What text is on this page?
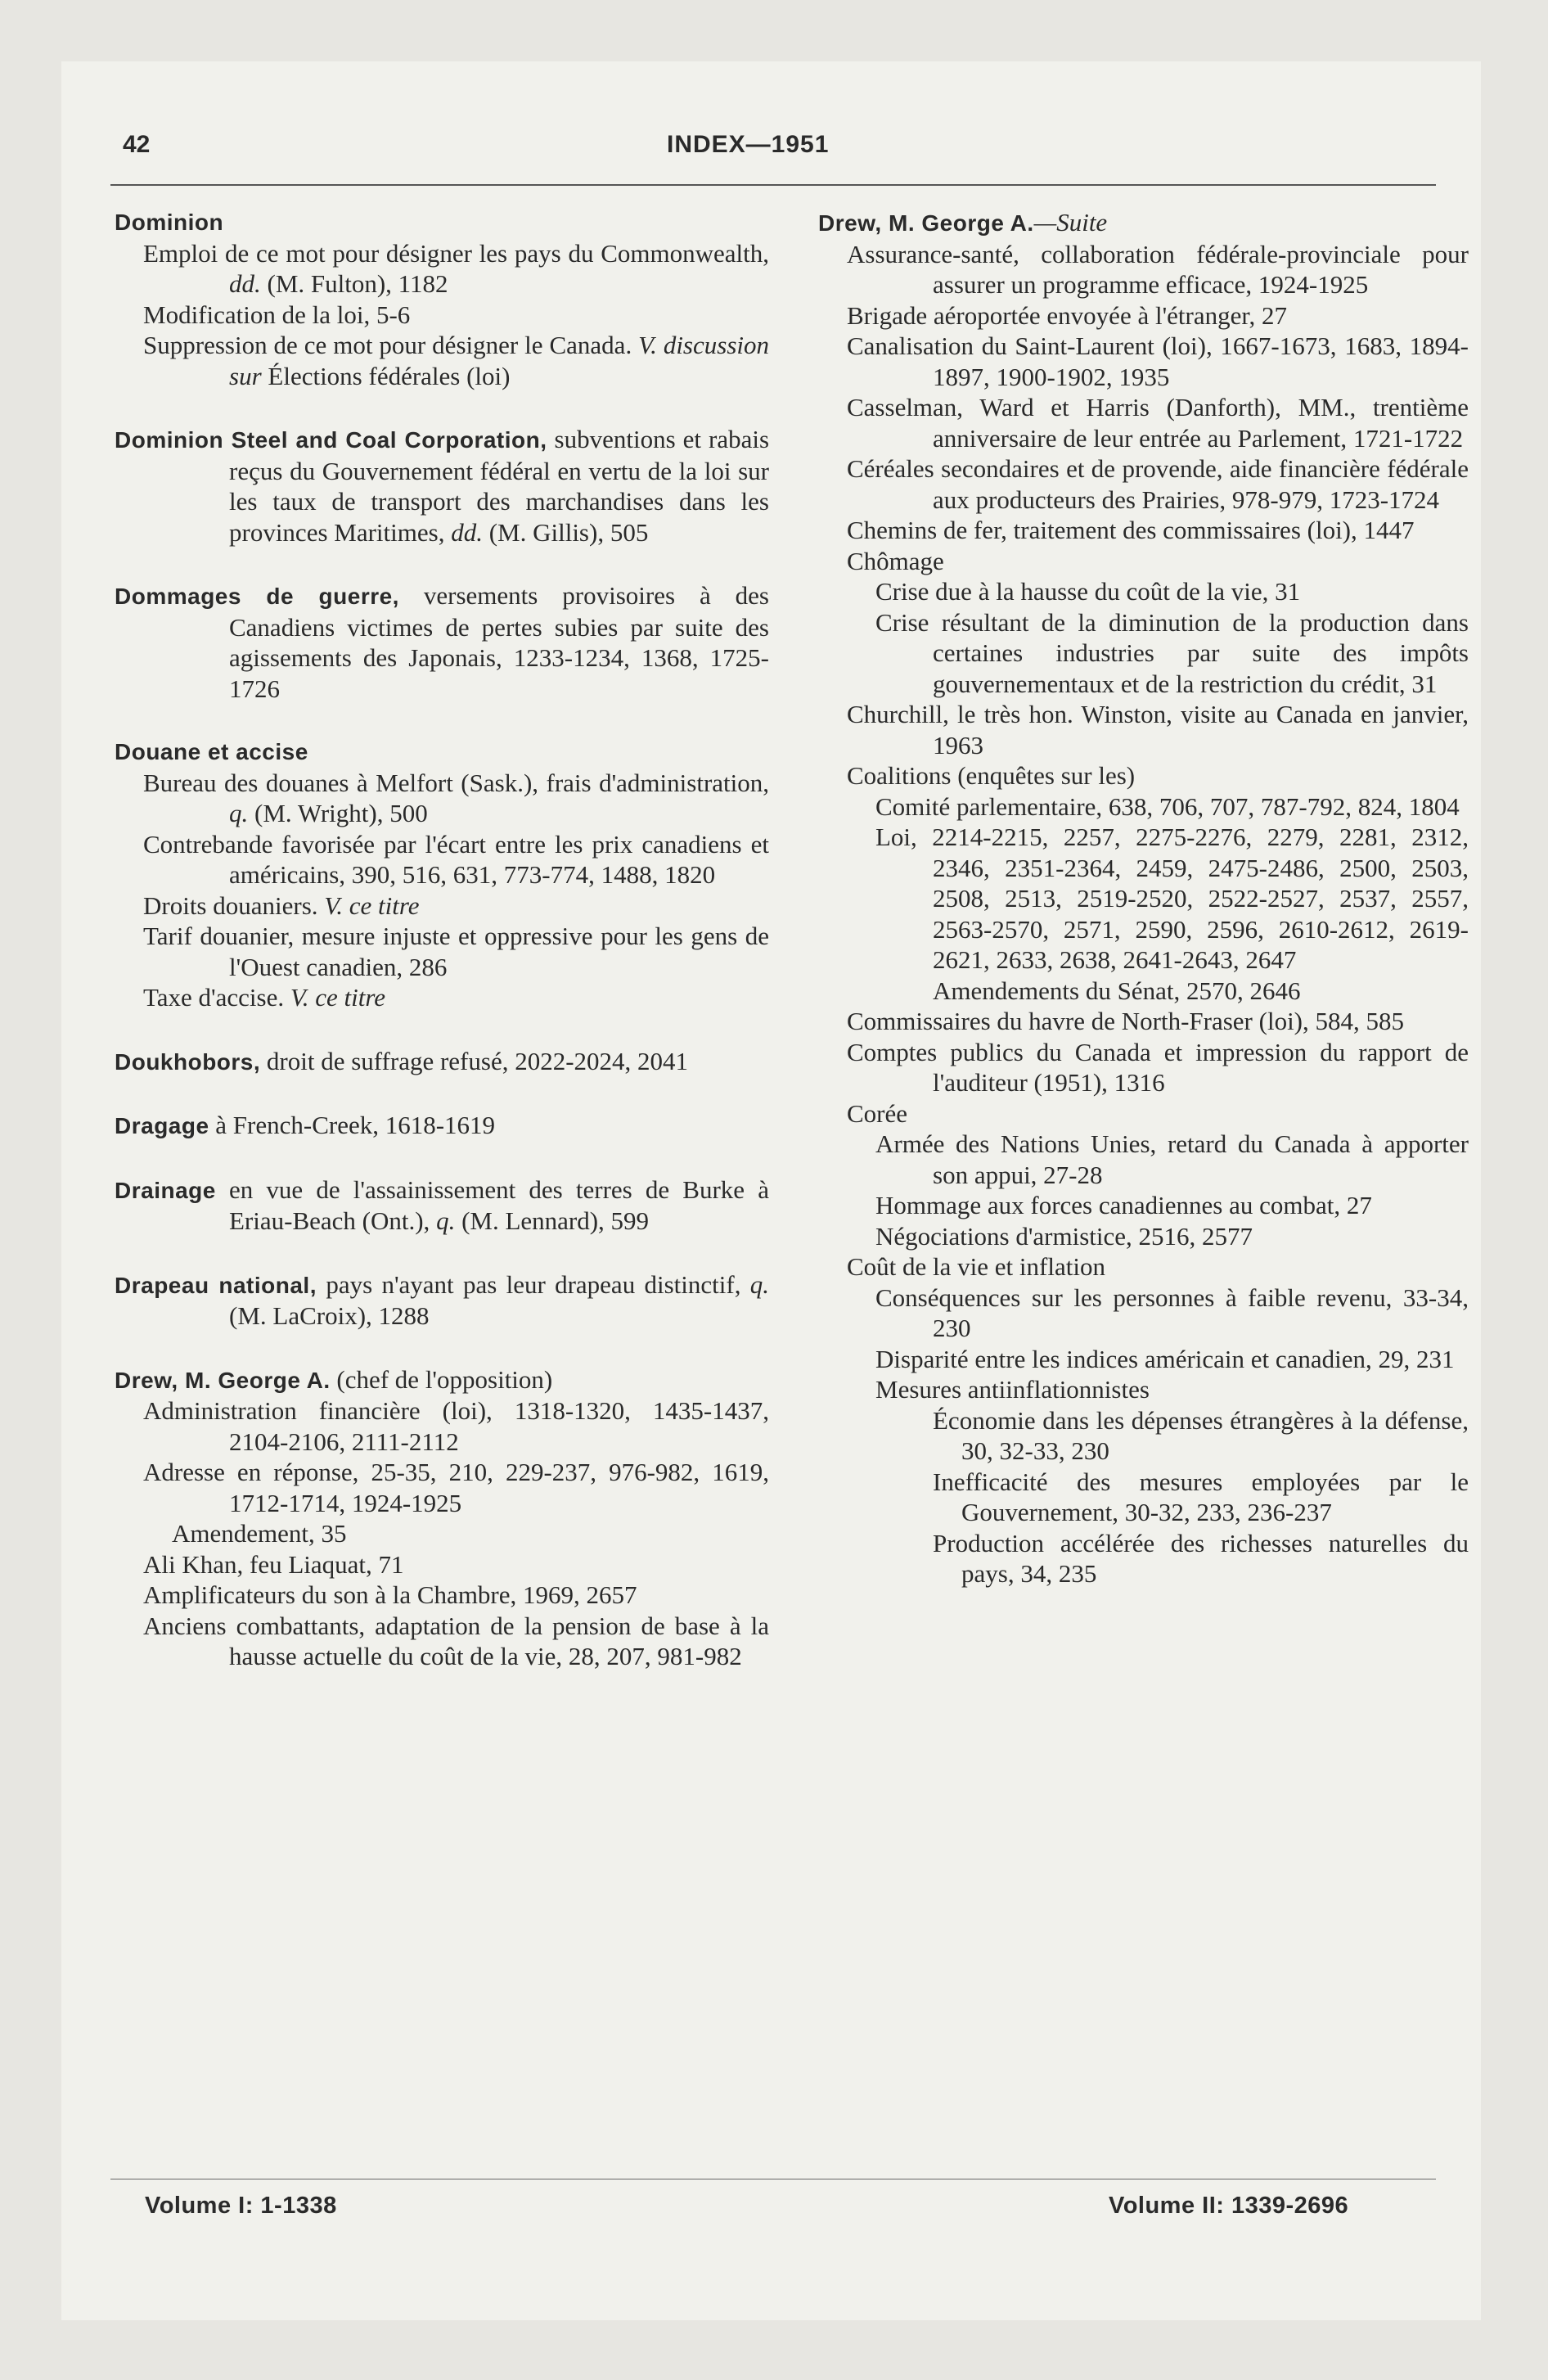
42	INDEX—1951
Dominion
Emploi de ce mot pour désigner les pays du Commonwealth, dd. (M. Fulton), 1182
Modification de la loi, 5-6
Suppression de ce mot pour désigner le Canada. V. discussion sur Élections fédérales (loi)
Dominion Steel and Coal Corporation, subventions et rabais reçus du Gouvernement fédéral en vertu de la loi sur les taux de transport des marchandises dans les provinces Maritimes, dd. (M. Gillis), 505
Dommages de guerre, versements provisoires à des Canadiens victimes de pertes subies par suite des agissements des Japonais, 1233-1234, 1368, 1725-1726
Douane et accise
Bureau des douanes à Melfort (Sask.), frais d'administration, q. (M. Wright), 500
Contrebande favorisée par l'écart entre les prix canadiens et américains, 390, 516, 631, 773-774, 1488, 1820
Droits douaniers. V. ce titre
Tarif douanier, mesure injuste et oppressive pour les gens de l'Ouest canadien, 286
Taxe d'accise. V. ce titre
Doukhobors, droit de suffrage refusé, 2022-2024, 2041
Dragage à French-Creek, 1618-1619
Drainage en vue de l'assainissement des terres de Burke à Eriau-Beach (Ont.), q. (M. Lennard), 599
Drapeau national, pays n'ayant pas leur drapeau distinctif, q. (M. LaCroix), 1288
Drew, M. George A. (chef de l'opposition)
Administration financière (loi), 1318-1320, 1435-1437, 2104-2106, 2111-2112
Adresse en réponse, 25-35, 210, 229-237, 976-982, 1619, 1712-1714, 1924-1925
Amendement, 35
Ali Khan, feu Liaquat, 71
Amplificateurs du son à la Chambre, 1969, 2657
Anciens combattants, adaptation de la pension de base à la hausse actuelle du coût de la vie, 28, 207, 981-982
Drew, M. George A.—Suite
Assurance-santé, collaboration fédérale-provinciale pour assurer un programme efficace, 1924-1925
Brigade aéroportée envoyée à l'étranger, 27
Canalisation du Saint-Laurent (loi), 1667-1673, 1683, 1894-1897, 1900-1902, 1935
Casselman, Ward et Harris (Danforth), MM., trentième anniversaire de leur entrée au Parlement, 1721-1722
Céréales secondaires et de provende, aide financière fédérale aux producteurs des Prairies, 978-979, 1723-1724
Chemins de fer, traitement des commissaires (loi), 1447
Chômage
Crise due à la hausse du coût de la vie, 31
Crise résultant de la diminution de la production dans certaines industries par suite des impôts gouvernementaux et de la restriction du crédit, 31
Churchill, le très hon. Winston, visite au Canada en janvier, 1963
Coalitions (enquêtes sur les)
Comité parlementaire, 638, 706, 707, 787-792, 824, 1804
Loi, 2214-2215, 2257, 2275-2276, 2279, 2281, 2312, 2346, 2351-2364, 2459, 2475-2486, 2500, 2503, 2508, 2513, 2519-2520, 2522-2527, 2537, 2557, 2563-2570, 2571, 2590, 2596, 2610-2612, 2619-2621, 2633, 2638, 2641-2643, 2647
Amendements du Sénat, 2570, 2646
Commissaires du havre de North-Fraser (loi), 584, 585
Comptes publics du Canada et impression du rapport de l'auditeur (1951), 1316
Corée
Armée des Nations Unies, retard du Canada à apporter son appui, 27-28
Hommage aux forces canadiennes au combat, 27
Négociations d'armistice, 2516, 2577
Coût de la vie et inflation
Conséquences sur les personnes à faible revenu, 33-34, 230
Disparité entre les indices américain et canadien, 29, 231
Mesures antiinflationnistes
Économie dans les dépenses étrangères à la défense, 30, 32-33, 230
Inefficacité des mesures employées par le Gouvernement, 30-32, 233, 236-237
Production accélérée des richesses naturelles du pays, 34, 235
Volume I: 1-1338	Volume II: 1339-2696
